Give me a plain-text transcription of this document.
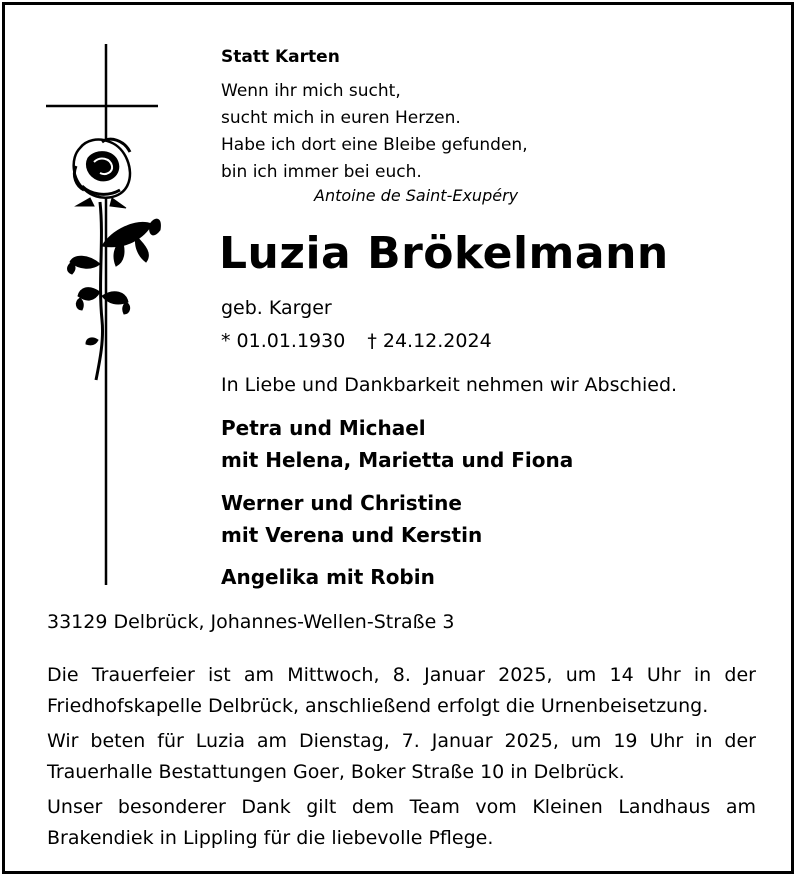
Statt Karten
Wenn ihr mich sucht,
sucht mich in euren Herzen.
Habe ich dort eine Bleibe gefunden,
bin ich immer bei euch.
Antoine de Saint-Exupéry
Luzia Brökelmann
geb. Karger
* 01.01.1930 † 24.12.2024
In Liebe und Dankbarkeit nehmen wir Abschied.
Petra und Michael
mit Helena, Marietta und Fiona
Werner und Christine
mit Verena und Kerstin
Angelika mit Robin
33129 Delbrück, Johannes-Wellen-Straße 3

Die Trauerfeier ist am Mittwoch, 8. Januar 2025, um 14 Uhr in der Friedhofskapelle Delbrück, anschließend erfolgt die Urnenbeisetzung.

Wir beten für Luzia am Dienstag, 7. Januar 2025, um 19 Uhr in der Trauerhalle Bestattungen Goer, Boker Straße 10 in Delbrück.

Unser besonderer Dank gilt dem Team vom Kleinen Landhaus am Brakendiek in Lippling für die liebevolle Pflege.
